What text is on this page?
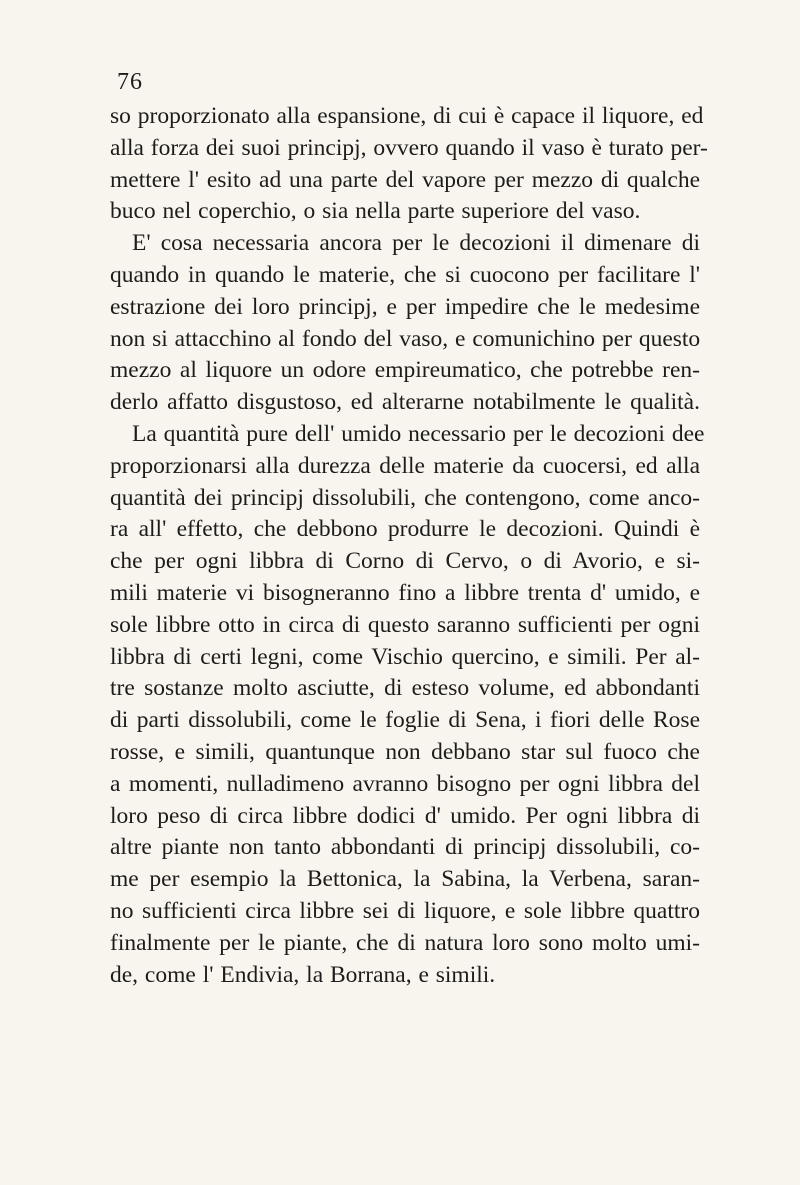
76
so proporzionato alla espansione, di cui è capace il liquore, ed
alla forza dei suoi principj, ovvero quando il vaso è turato per-
mettere l' esito ad una parte del vapore per mezzo di qualche
buco nel coperchio, o sia nella parte superiore del vaso.
E' cosa necessaria ancora per le decozioni il dimenare di
quando in quando le materie, che si cuocono per facilitare l'
estrazione dei loro principj, e per impedire che le medesime
non si attacchino al fondo del vaso, e comunichino per questo
mezzo al liquore un odore empireumatico, che potrebbe ren-
derlo affatto disgustoso, ed alterarne notabilmente le qualità.
La quantità pure dell' umido necessario per le decozioni dee
proporzionarsi alla durezza delle materie da cuocersi, ed alla
quantità dei principj dissolubili, che contengono, come anco-
ra all' effetto, che debbono produrre le decozioni. Quindi è
che per ogni libbra di Corno di Cervo, o di Avorio, e si-
mili materie vi bisogneranno fino a libbre trenta d' umido, e
sole libbre otto in circa di questo saranno sufficienti per ogni
libbra di certi legni, come Vischio quercino, e simili. Per al-
tre sostanze molto asciutte, di esteso volume, ed abbondanti
di parti dissolubili, come le foglie di Sena, i fiori delle Rose
rosse, e simili, quantunque non debbano star sul fuoco che
a momenti, nulladimeno avranno bisogno per ogni libbra del
loro peso di circa libbre dodici d' umido. Per ogni libbra di
altre piante non tanto abbondanti di principj dissolubili, co-
me per esempio la Bettonica, la Sabina, la Verbena, saran-
no sufficienti circa libbre sei di liquore, e sole libbre quattro
finalmente per le piante, che di natura loro sono molto umi-
de, come l' Endivia, la Borrana, e simili.
